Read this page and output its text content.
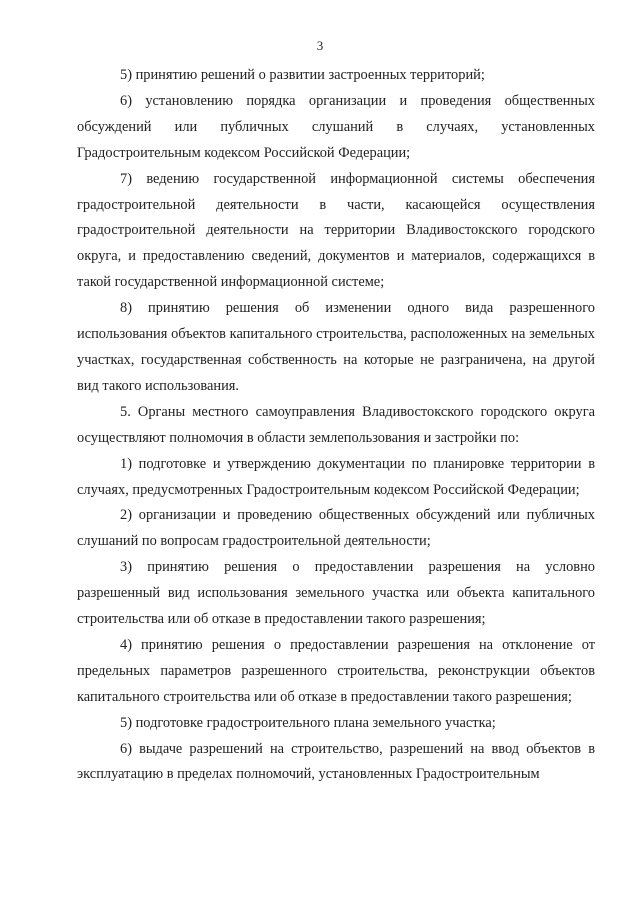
3

5) принятию решений о развитии застроенных территорий;

6) установлению порядка организации и проведения общественных обсуждений или публичных слушаний в случаях, установленных Градостроительным кодексом Российской Федерации;

7) ведению государственной информационной системы обеспечения градостроительной деятельности в части, касающейся осуществления градостроительной деятельности на территории Владивостокского городского округа, и предоставлению сведений, документов и материалов, содержащихся в такой государственной информационной системе;

8) принятию решения об изменении одного вида разрешенного использования объектов капитального строительства, расположенных на земельных участках, государственная собственность на которые не разграничена, на другой вид такого использования.

5. Органы местного самоуправления Владивостокского городского округа осуществляют полномочия в области землепользования и застройки по:

1) подготовке и утверждению документации по планировке территории в случаях, предусмотренных Градостроительным кодексом Российской Федерации;

2) организации и проведению общественных обсуждений или публичных слушаний по вопросам градостроительной деятельности;

3) принятию решения о предоставлении разрешения на условно разрешенный вид использования земельного участка или объекта капитального строительства или об отказе в предоставлении такого разрешения;

4) принятию решения о предоставлении разрешения на отклонение от предельных параметров разрешенного строительства, реконструкции объектов капитального строительства или об отказе в предоставлении такого разрешения;

5) подготовке градостроительного плана земельного участка;

6) выдаче разрешений на строительство, разрешений на ввод объектов в эксплуатацию в пределах полномочий, установленных Градостроительным
